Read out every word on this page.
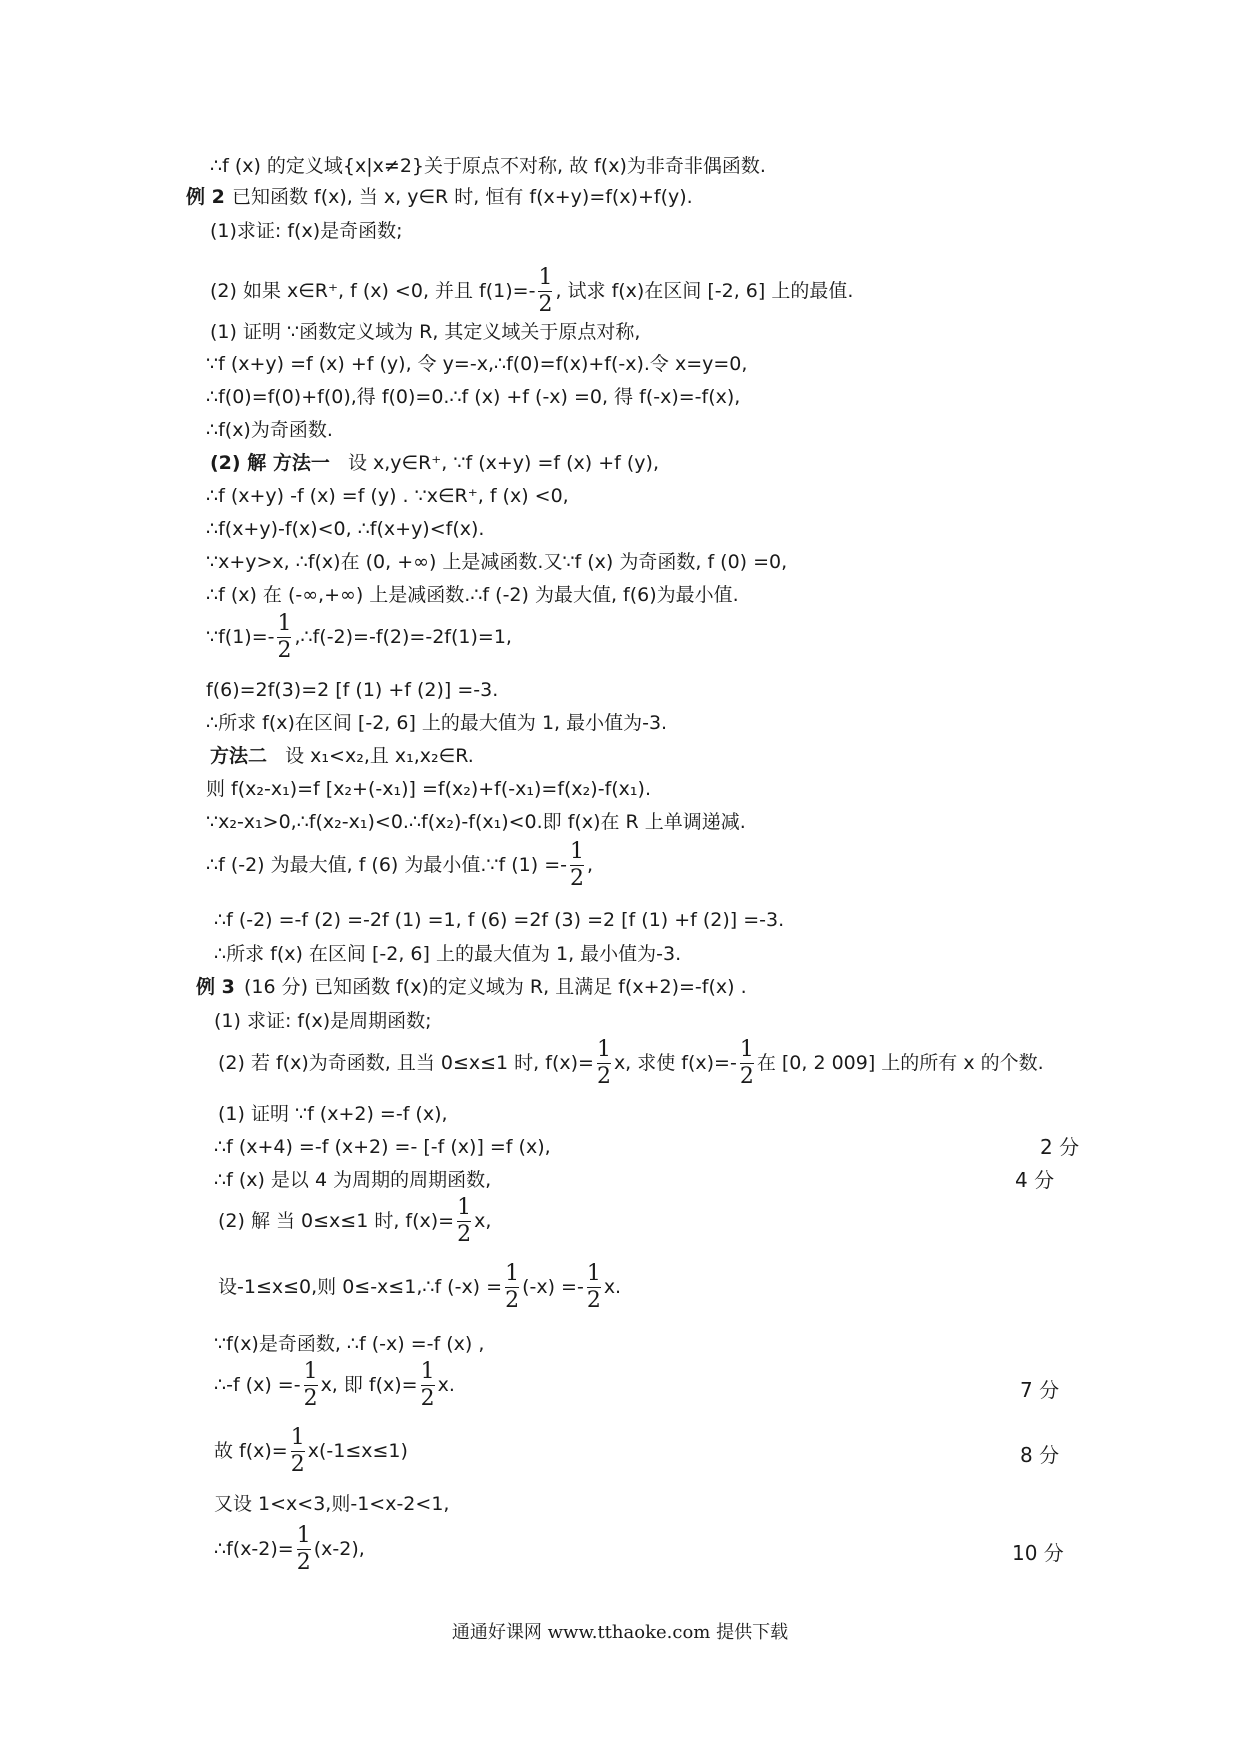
∴f (x) 的定义域{x|x≠2}关于原点不对称, 故 f(x)为非奇非偶函数.
例 2 已知函数 f(x), 当 x, y∈R 时, 恒有 f(x+y)=f(x)+f(y).
(1)求证: f(x)是奇函数;
(2) 如果 x∈R⁺, f (x) <0, 并且 $f(1)=- \frac{1}{2}$ , 试求 f(x)在区间 [-2, 6] 上的最值.
(1) 证明 ∵函数定义域为 R, 其定义域关于原点对称,
∵f (x+y) =f (x) +f (y), 令 y=-x,∴f(0)=f(x)+f(-x).令 x=y=0,
∴f(0)=f(0)+f(0),得 f(0)=0.∴f (x) +f (-x) =0, 得 f(-x)=-f(x),
∴f(x)为奇函数.
(2) 解 方法一 设 x,y∈R⁺, ∵f (x+y) =f (x) +f (y),
∴f (x+y) -f (x) =f (y) . ∵x∈R⁺, f (x) <0,
∴f(x+y)-f(x)<0, ∴f(x+y)<f(x).
∵x+y>x, ∴f(x)在 (0, +∞) 上是减函数.又∵f (x) 为奇函数, f (0) =0,
∴f (x) 在 (-∞,+∞) 上是减函数.∴f (-2) 为最大值, f(6)为最小值.
∵f(1)=- $\frac{1}{2}$ ,∴f(-2)=-f(2)=-2f(1)=1,
f(6)=2f(3)=2 [f (1) +f (2)] =-3.
∴所求 f(x)在区间 [-2, 6] 上的最大值为 1, 最小值为-3.
方法二 设 x₁<x₂,且 x₁,x₂∈R.
则 f(x₂-x₁)=f [x₂+(-x₁)] =f(x₂)+f(-x₁)=f(x₂)-f(x₁).
∵x₂-x₁>0,∴f(x₂-x₁)<0.∴f(x₂)-f(x₁)<0.即 f(x)在 R 上单调递减.
∴f (-2) 为最大值, f (6) 为最小值.∵f $(1) =- \frac{1}{2}$ ,
∴f (-2) =-f (2) =-2f (1) =1, f (6) =2f (3) =2 [f (1) +f (2)] =-3.
∴所求 f(x) 在区间 [-2, 6] 上的最大值为 1, 最小值为-3.
例 3 (16 分) 已知函数 f(x)的定义域为 R, 且满足 f(x+2)=-f(x) .
(1) 求证: f(x)是周期函数;
(2) 若 f(x)为奇函数, 且当 0≤x≤1 时, $f(x)= \frac{1}{2} x$, 求使 $f(x)=- \frac{1}{2}$ 在 [0, 2 009] 上的所有 x 的个数.
(1) 证明 ∵f (x+2) =-f (x),
∴f (x+4) =-f (x+2) =- [-f (x)] =f (x),	2 分
∴f (x) 是以 4 为周期的周期函数,	4 分
(2) 解 当 0≤x≤1 时, $f(x)= \frac{1}{2} x$,
设-1≤x≤0,则 0≤-x≤1,∴f $(-x) = \frac{1}{2} (-x) =- \frac{1}{2} x$.
∵f(x)是奇函数, ∴f (-x) =-f (x) ,
∴-f $(x) =- \frac{1}{2} x$, 即 $f(x)= \frac{1}{2} x$.	7 分
故 $f(x)= \frac{1}{2} x(-1\le x\le 1)$	8 分
又设 1<x<3,则-1<x-2<1,
∴f(x-2)= $\frac{1}{2} (x-2)$,	10 分
通通好课网 www.tthaoke.com 提供下载
